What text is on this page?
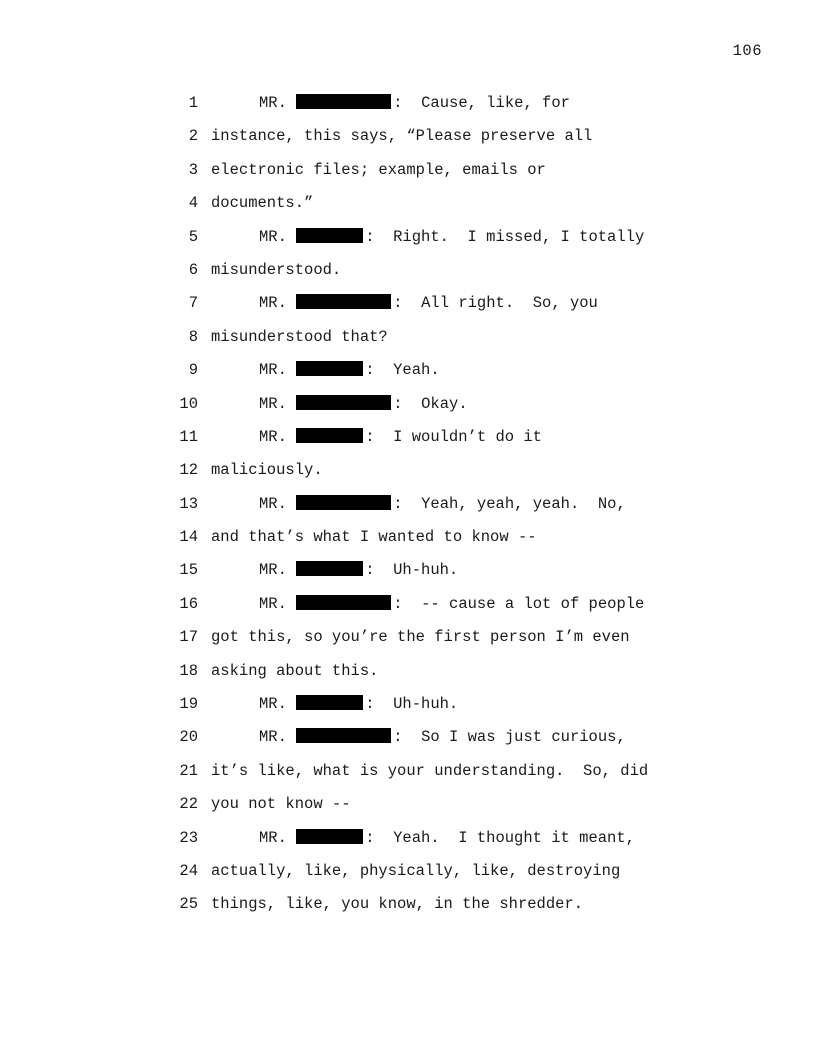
106
1	MR.	:  Cause, like, for
2 instance, this says, “Please preserve all
3 electronic files; example, emails or
4 documents.”
5	MR.	:  Right.  I missed, I totally
6 misunderstood.
7	MR.	:  All right.  So, you
8 misunderstood that?
9	MR.	:  Yeah.
10	MR.	:  Okay.
11	MR.	:  I wouldn’t do it
12 maliciously.
13	MR.	:  Yeah, yeah, yeah.  No,
14 and that’s what I wanted to know --
15	MR.	:  Uh-huh.
16	MR.	:  -- cause a lot of people
17 got this, so you’re the first person I’m even
18 asking about this.
19	MR.	:  Uh-huh.
20	MR.	:  So I was just curious,
21 it’s like, what is your understanding.  So, did
22 you not know --
23	MR.	:  Yeah.  I thought it meant,
24 actually, like, physically, like, destroying
25 things, like, you know, in the shredder.
